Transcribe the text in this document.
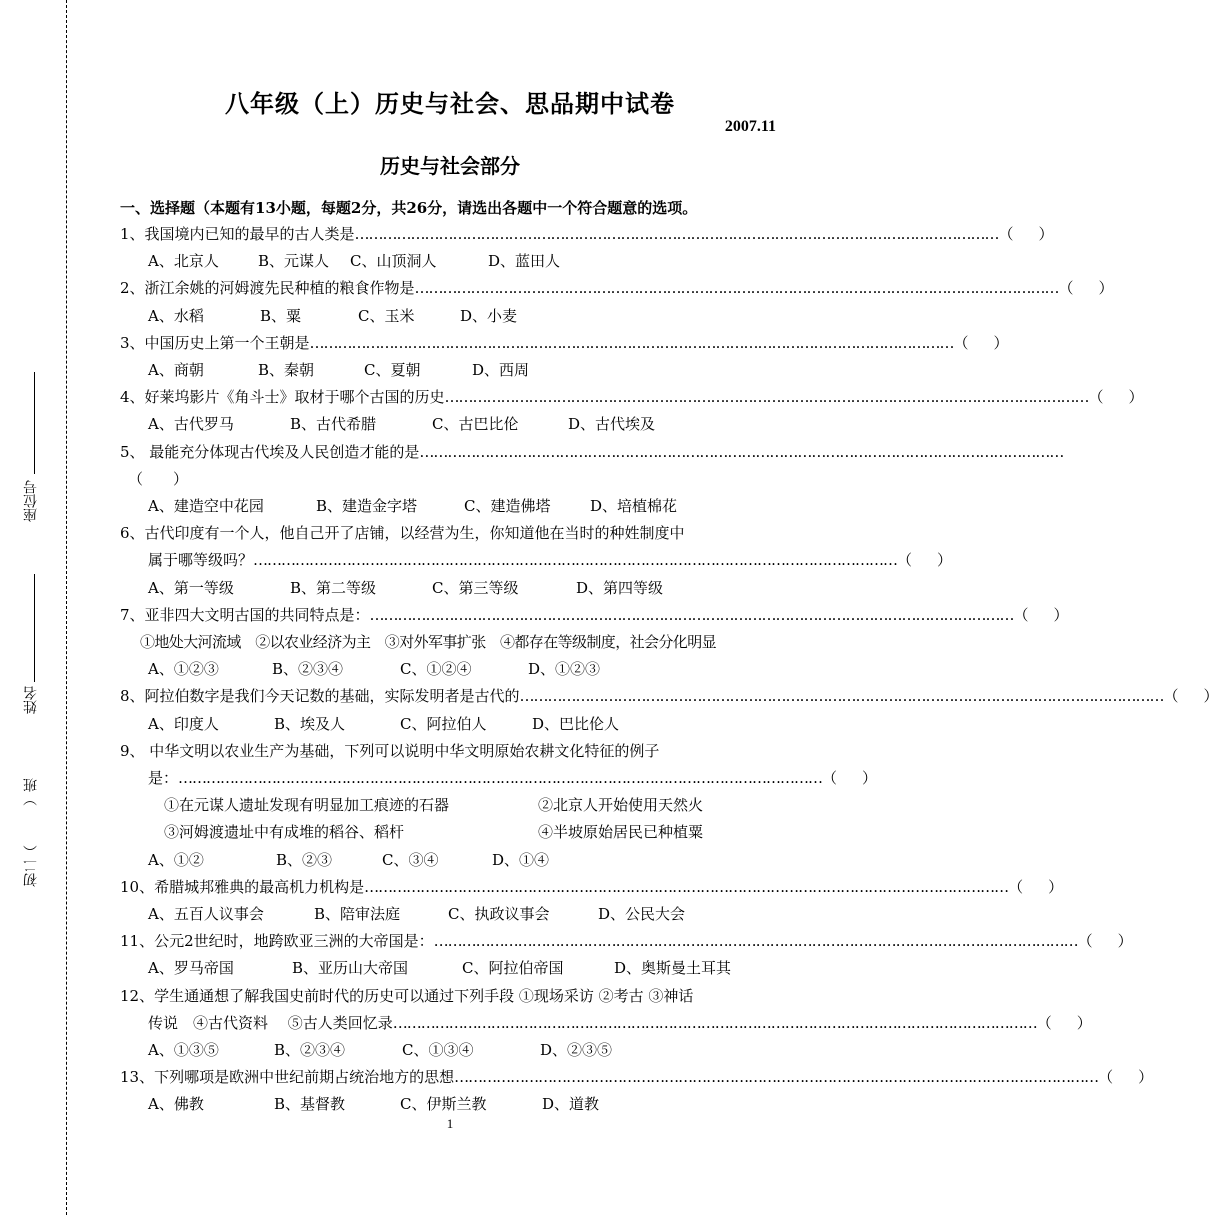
座位号
姓名
）班
初二（
八年级（上）历史与社会、思品期中试卷
2007.11
历史与社会部分
一、选择题（本题有13小题，每题2分，共26分，请选出各题中一个符合题意的选项。
1、我国境内已知的最早的古人类是 ………………………………………………………………………………………………………………………… （ ）
A、北京人	B、元谋人 C、山顶洞人	D、蓝田人
2、浙江余姚的河姆渡先民种植的粮食作物是 ………………………………………………………………………………………………………………………… （ ）
A、水稻	B、粟	C、玉米	D、小麦
3、中国历史上第一个王朝是 ………………………………………………………………………………………………………………………… （ ）
A、商朝	B、秦朝	C、夏朝	D、西周
4、好莱坞影片《角斗士》取材于哪个古国的历史 ………………………………………………………………………………………………………………………… （ ）
A、古代罗马	B、古代希腊	C、古巴比伦	D、古代埃及
5、 最能充分体现古代埃及人民创造才能的是 …………………………………………………………………………………………………………………………
（　　）
A、建造空中花园	B、建造金字塔	C、建造佛塔	D、培植棉花
6、古代印度有一个人，他自己开了店铺，以经营为生，你知道他在当时的种姓制度中
属于哪等级吗？ ………………………………………………………………………………………………………………………… （ ）
A、第一等级	B、第二等级	C、第三等级	D、第四等级
7、亚非四大文明古国的共同特点是： ………………………………………………………………………………………………………………………… （ ）
①地处大河流域　②以农业经济为主　③对外军事扩张　④都存在等级制度，社会分化明显
A、①②③	B、②③④	C、①②④	D、①②③
8、阿拉伯数字是我们今天记数的基础，实际发明者是古代的 ………………………………………………………………………………………………………………………… （ ）
A、印度人	B、埃及人	C、阿拉伯人	D、巴比伦人
9、 中华文明以农业生产为基础，下列可以说明中华文明原始农耕文化特征的例子
是： ………………………………………………………………………………………………………………………… （ ）
①在元谋人遗址发现有明显加工痕迹的石器	②北京人开始使用天然火
③河姆渡遗址中有成堆的稻谷、稻杆	④半坡原始居民已种植粟
A、①②	B、②③	C、③④	D、①④
10、希腊城邦雅典的最高机力机构是 ………………………………………………………………………………………………………………………… （ ）
A、五百人议事会	B、陪审法庭	C、执政议事会	D、公民大会
11、公元2世纪时，地跨欧亚三洲的大帝国是： ………………………………………………………………………………………………………………………… （ ）
A、罗马帝国	B、亚历山大帝国	C、阿拉伯帝国	D、奥斯曼土耳其
12、学生通通想了解我国史前时代的历史可以通过下列手段 ①现场采访 ②考古 ③神话
传说　④古代资料　 ⑤古人类回忆录 ………………………………………………………………………………………………………………………… （ ）
A、①③⑤	B、②③④	C、①③④	D、②③⑤
13、下列哪项是欧洲中世纪前期占统治地方的思想 ………………………………………………………………………………………………………………………… （ ）
A、佛教	B、基督教	C、伊斯兰教	D、道教
1
